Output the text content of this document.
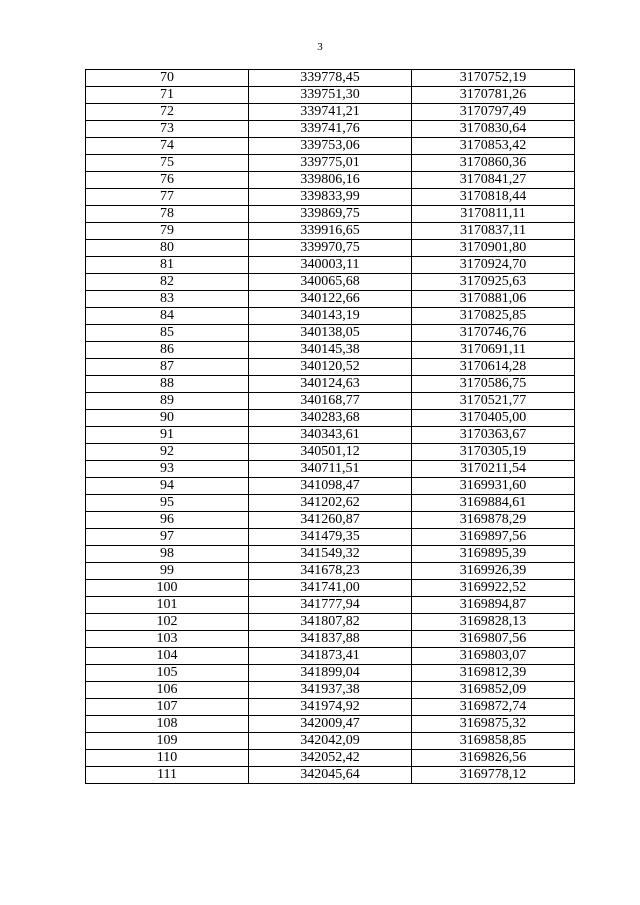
3
70	339778,45	3170752,19
71	339751,30	3170781,26
72	339741,21	3170797,49
73	339741,76	3170830,64
74	339753,06	3170853,42
75	339775,01	3170860,36
76	339806,16	3170841,27
77	339833,99	3170818,44
78	339869,75	3170811,11
79	339916,65	3170837,11
80	339970,75	3170901,80
81	340003,11	3170924,70
82	340065,68	3170925,63
83	340122,66	3170881,06
84	340143,19	3170825,85
85	340138,05	3170746,76
86	340145,38	3170691,11
87	340120,52	3170614,28
88	340124,63	3170586,75
89	340168,77	3170521,77
90	340283,68	3170405,00
91	340343,61	3170363,67
92	340501,12	3170305,19
93	340711,51	3170211,54
94	341098,47	3169931,60
95	341202,62	3169884,61
96	341260,87	3169878,29
97	341479,35	3169897,56
98	341549,32	3169895,39
99	341678,23	3169926,39
100	341741,00	3169922,52
101	341777,94	3169894,87
102	341807,82	3169828,13
103	341837,88	3169807,56
104	341873,41	3169803,07
105	341899,04	3169812,39
106	341937,38	3169852,09
107	341974,92	3169872,74
108	342009,47	3169875,32
109	342042,09	3169858,85
110	342052,42	3169826,56
111	342045,64	3169778,12
